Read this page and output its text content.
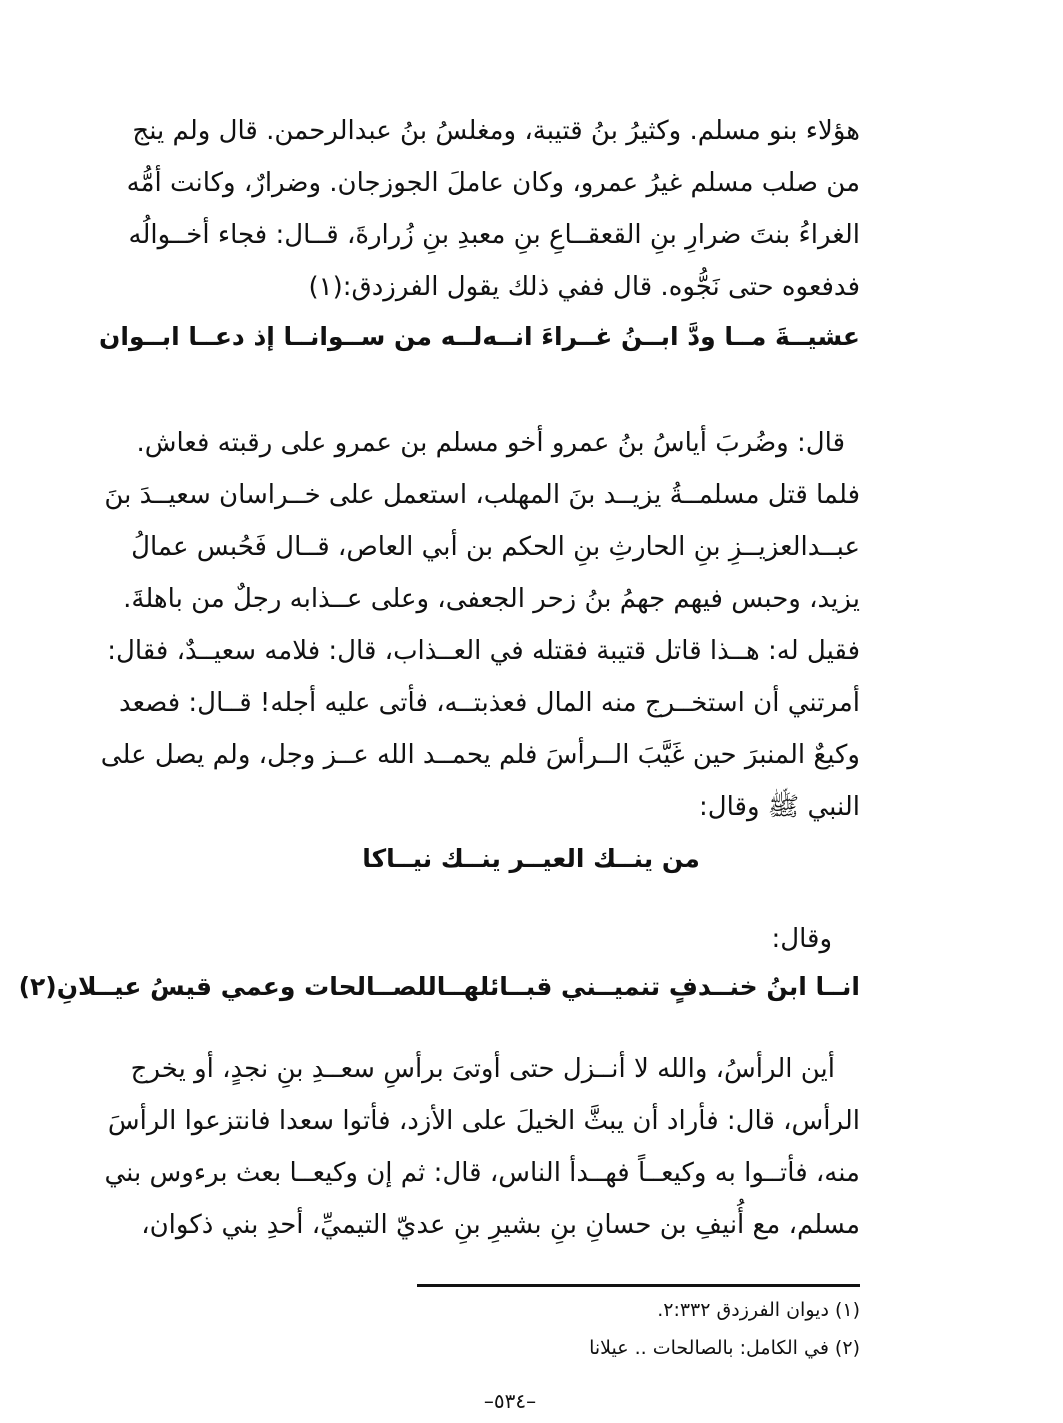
هؤلاء بنو مسلم. وكثيرُ بنُ قتيبة، ومغلسُ بنُ عبدالرحمن. قال ولم ينج
من صلب مسلم غيرُ عمرو، وكان عاملَ الجوزجان. وضرارٌ، وكانت أمُّه
الغراءُ بنتَ ضرارِ بنِ القعقــاعِ بنِ معبدِ بنِ زُرارةَ، قــال: فجاء أخــوالُه
فدفعوه حتى نَجُّوه. قال ففي ذلك يقول الفرزدق:(١)
عشيــةَ مــا ودَّ ابــنُ غــراءَ انــه
لــه من ســوانــا إذ دعــا ابــوان
قال: وضُربَ أياسُ بنُ عمرو أخو مسلم بن عمرو على رقبته فعاش.
فلما قتل مسلمــةُ يزيــد بنَ المهلب، استعمل على خــراسان سعيــدَ بنَ
عبــدالعزيــزِ بنِ الحارثِ بنِ الحكم بن أبي العاص، قــال فَحُبس عمالُ
يزيد، وحبس فيهم جهمُ بنُ زحر الجعفى، وعلى عــذابه رجلٌ من باهلةَ.
فقيل له: هــذا قاتل قتيبة فقتله في العــذاب، قال: فلامه سعيــدٌ، فقال:
أمرتني أن استخــرج منه المال فعذبتــه، فأتى عليه أجله! قــال: فصعد
وكيعٌ المنبرَ حين غَيَّبَ الــرأسَ فلم يحمــد الله عــز وجل، ولم يصل على
النبي ﷺ وقال:
من ينــك العيــر ينــك نيــاكا
وقال:
انــا ابنُ خنــدفٍ تنميــني قبــائلهــا
للصــالحات وعمي قيسُ عيــلانِ(٢)
أين الرأسُ، والله لا أنــزل حتى أوتىَ برأسِ سعــدِ بنِ نجدٍ، أو يخرج
الرأس، قال: فأراد أن يبثَّ الخيلَ على الأزد، فأتوا سعدا فانتزعوا الرأسَ
منه، فأتــوا به وكيعــاً فهــدأ الناس، قال: ثم إن وكيعــا بعث برءوس بني
مسلم، مع أُنيفِ بن حسانِ بنِ بشيرِ بنِ عديّ التيميِّ، أحدِ بني ذكوان،
(١) ديوان الفرزدق ٢:٣٣٢.
(٢) في الكامل: بالصالحات .. عيلانا
–٥٣٤–
